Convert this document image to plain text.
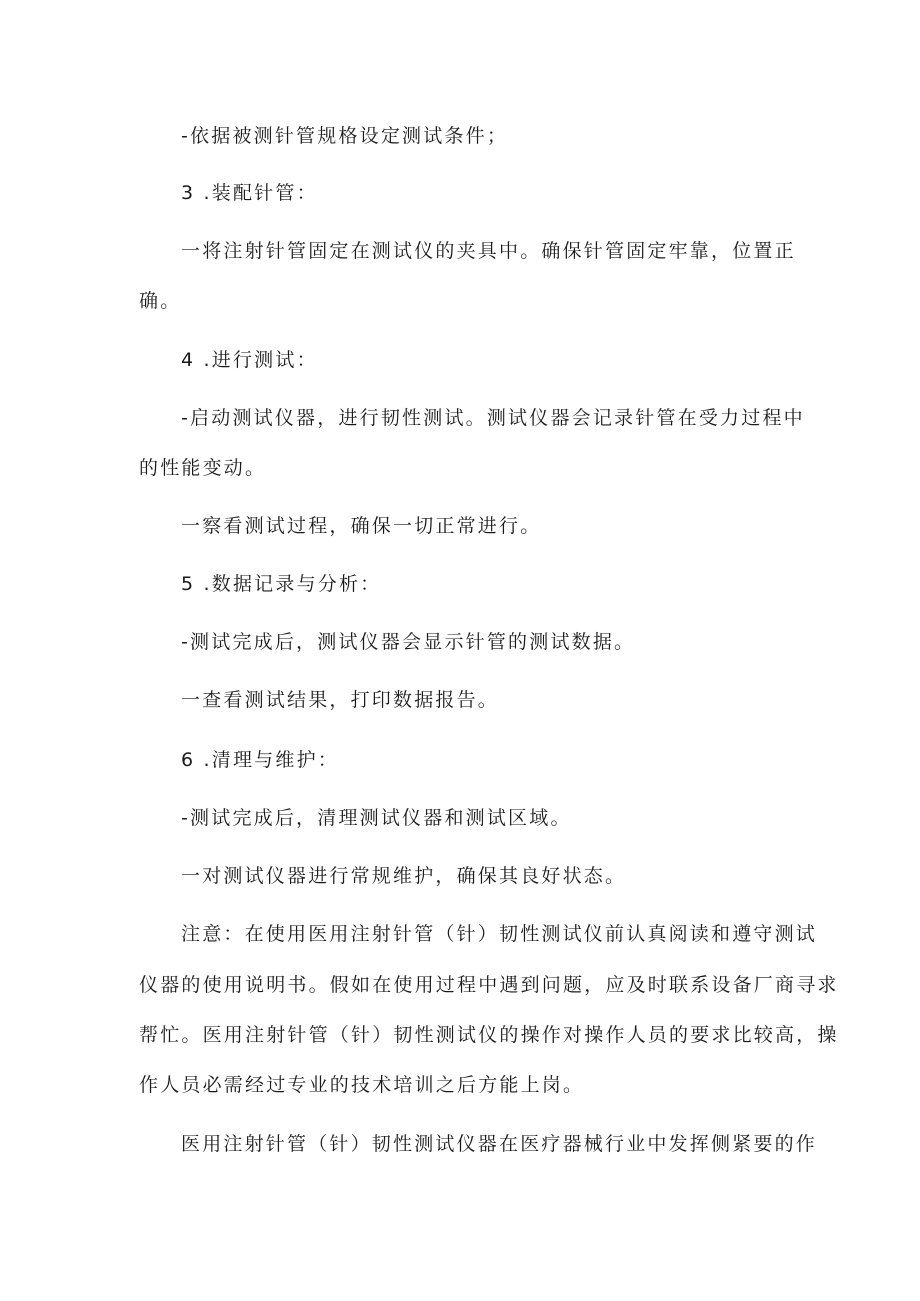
-依据被测针管规格设定测试条件；
3 .装配针管：
一将注射针管固定在测试仪的夹具中。确保针管固定牢靠，位置正
确。
4 .进行测试：
-启动测试仪器，进行韧性测试。测试仪器会记录针管在受力过程中
的性能变动。
一察看测试过程，确保一切正常进行。
5 .数据记录与分析：
-测试完成后，测试仪器会显示针管的测试数据。
一查看测试结果，打印数据报告。
6 .清理与维护：
-测试完成后，清理测试仪器和测试区域。
一对测试仪器进行常规维护，确保其良好状态。
注意：在使用医用注射针管（针）韧性测试仪前认真阅读和遵守测试
仪器的使用说明书。假如在使用过程中遇到问题，应及时联系设备厂商寻求
帮忙。医用注射针管（针）韧性测试仪的操作对操作人员的要求比较高，操
作人员必需经过专业的技术培训之后方能上岗。
医用注射针管（针）韧性测试仪器在医疗器械行业中发挥侧紧要的作
